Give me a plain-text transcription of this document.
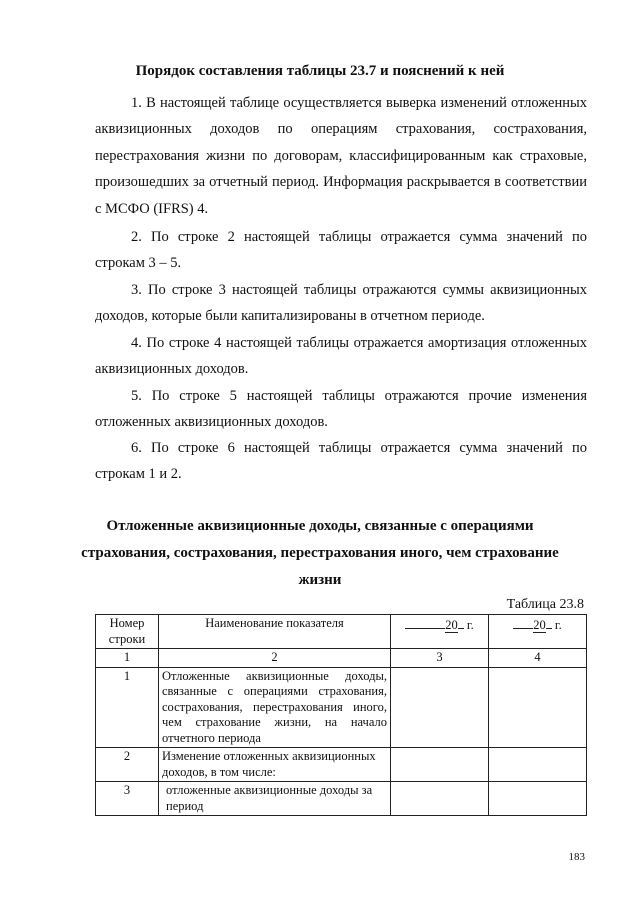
Порядок составления таблицы 23.7 и пояснений к ней
1. В настоящей таблице осуществляется выверка изменений отложенных аквизиционных доходов по операциям страхования, сострахования, перестрахования жизни по договорам, классифицированным как страховые, произошедших за отчетный период. Информация раскрывается в соответствии с МСФО (IFRS) 4.
2. По строке 2 настоящей таблицы отражается сумма значений по строкам 3 – 5.
3. По строке 3 настоящей таблицы отражаются суммы аквизиционных доходов, которые были капитализированы в отчетном периоде.
4. По строке 4 настоящей таблицы отражается амортизация отложенных аквизиционных доходов.
5. По строке 5 настоящей таблицы отражаются прочие изменения отложенных аквизиционных доходов.
6. По строке 6 настоящей таблицы отражается сумма значений по строкам 1 и 2.
Отложенные аквизиционные доходы, связанные с операциями
страхования, сострахования, перестрахования иного, чем страхование
жизни
Таблица 23.8
Номер
строки	Наименование показателя	20 г.	20 г.
1	2	3	4
1	Отложенные аквизиционные доходы, связанные с операциями страхования, сострахования, перестрахования иного, чем страхование жизни, на начало отчетного периода		
2	Изменение отложенных аквизиционных доходов, в том числе:		
3	отложенные аквизиционные доходы за период		
183
